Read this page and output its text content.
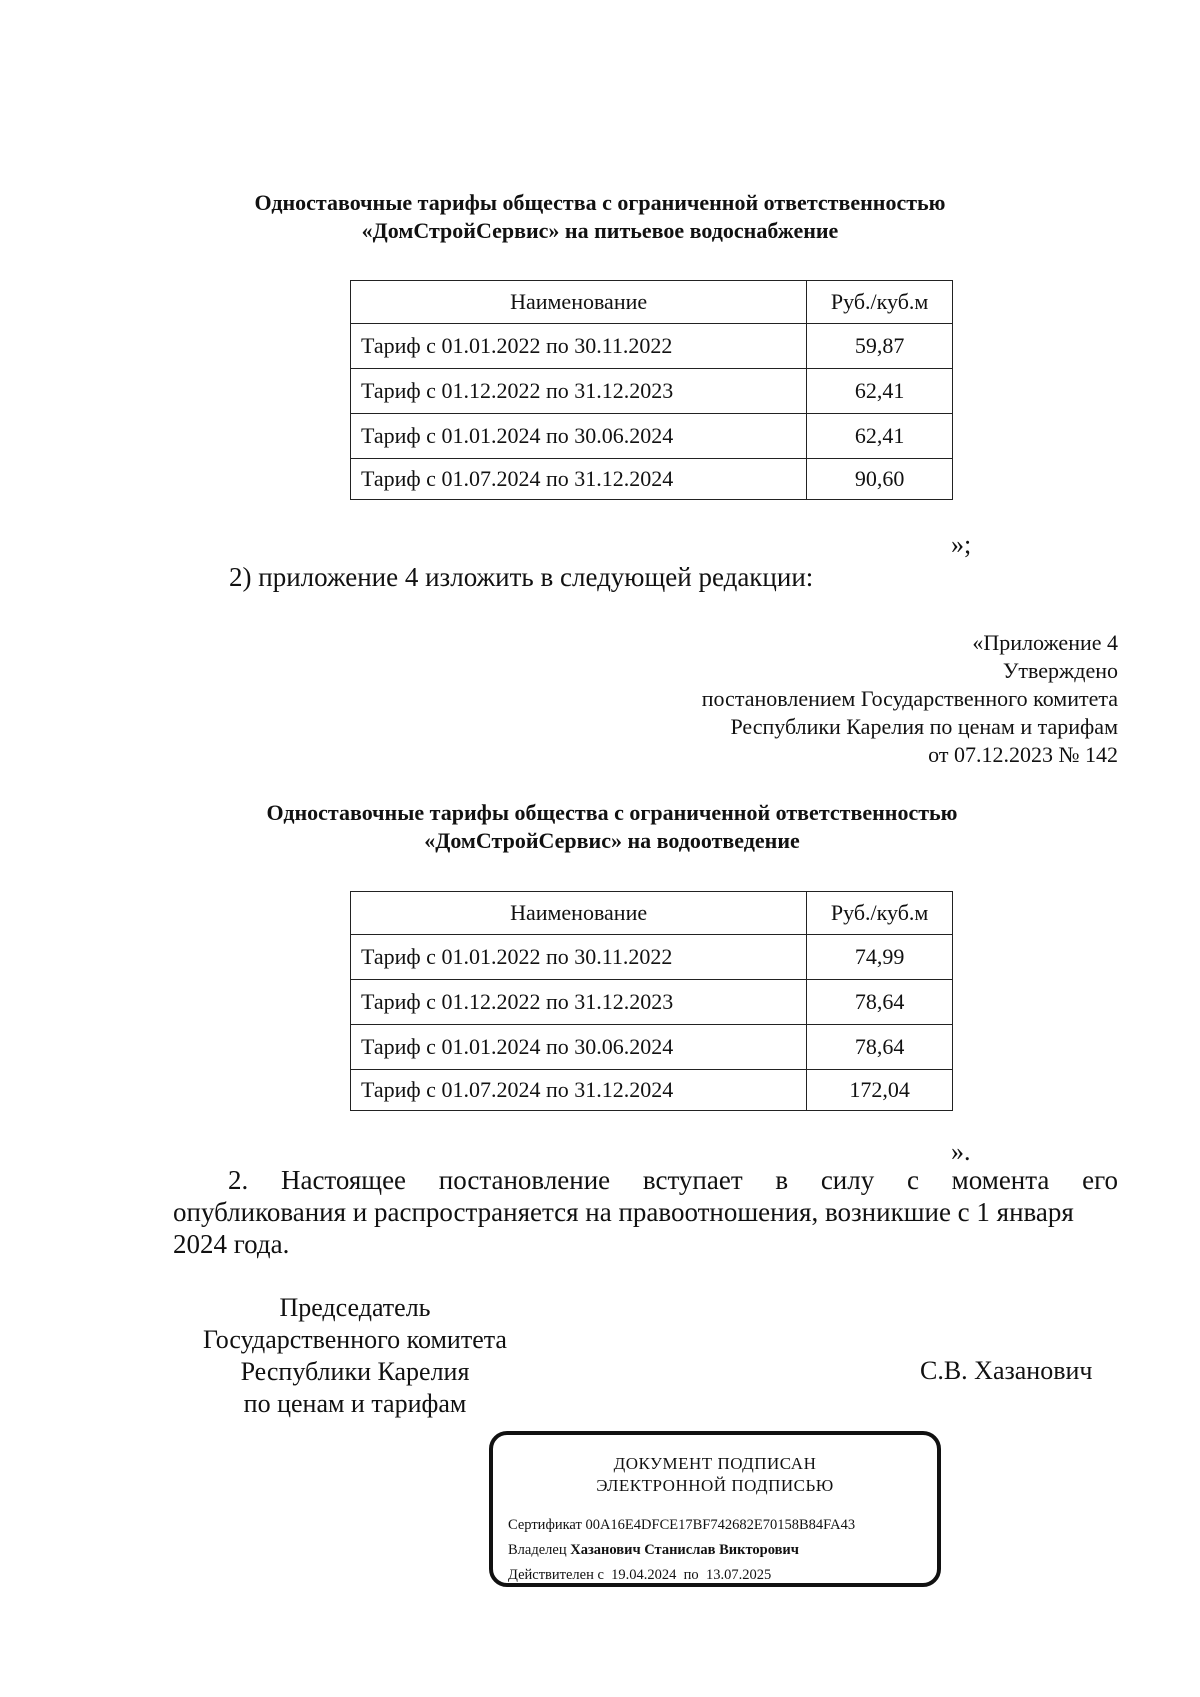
Одноставочные тарифы общества с ограниченной ответственностью
«ДомСтройСервис» на питьевое водоснабжение
Наименование	Руб./куб.м
Тариф с 01.01.2022 по 30.11.2022	59,87
Тариф с 01.12.2022 по 31.12.2023	62,41
Тариф с 01.01.2024 по 30.06.2024	62,41
Тариф с 01.07.2024 по 31.12.2024	90,60
»;
2) приложение 4 изложить в следующей редакции:
«Приложение 4
Утверждено
постановлением Государственного комитета
Республики Карелия по ценам и тарифам
от 07.12.2023 № 142
Одноставочные тарифы общества с ограниченной ответственностью
«ДомСтройСервис» на водоотведение
Наименование	Руб./куб.м
Тариф с 01.01.2022 по 30.11.2022	74,99
Тариф с 01.12.2022 по 31.12.2023	78,64
Тариф с 01.01.2024 по 30.06.2024	78,64
Тариф с 01.07.2024 по 31.12.2024	172,04
».
2. Настоящее постановление вступает в силу с момента его
опубликования и распространяется на правоотношения, возникшие с 1 января
2024 года.
Председатель
Государственного комитета
Республики Карелия
по ценам и тарифам
С.В. Хазанович
ДОКУМЕНТ ПОДПИСАН
ЭЛЕКТРОННОЙ ПОДПИСЬЮ
Сертификат 00A16E4DFCE17BF742682E70158B84FA43
Владелец Хазанович Станислав Викторович
Действителен с 19.04.2024 по 13.07.2025
